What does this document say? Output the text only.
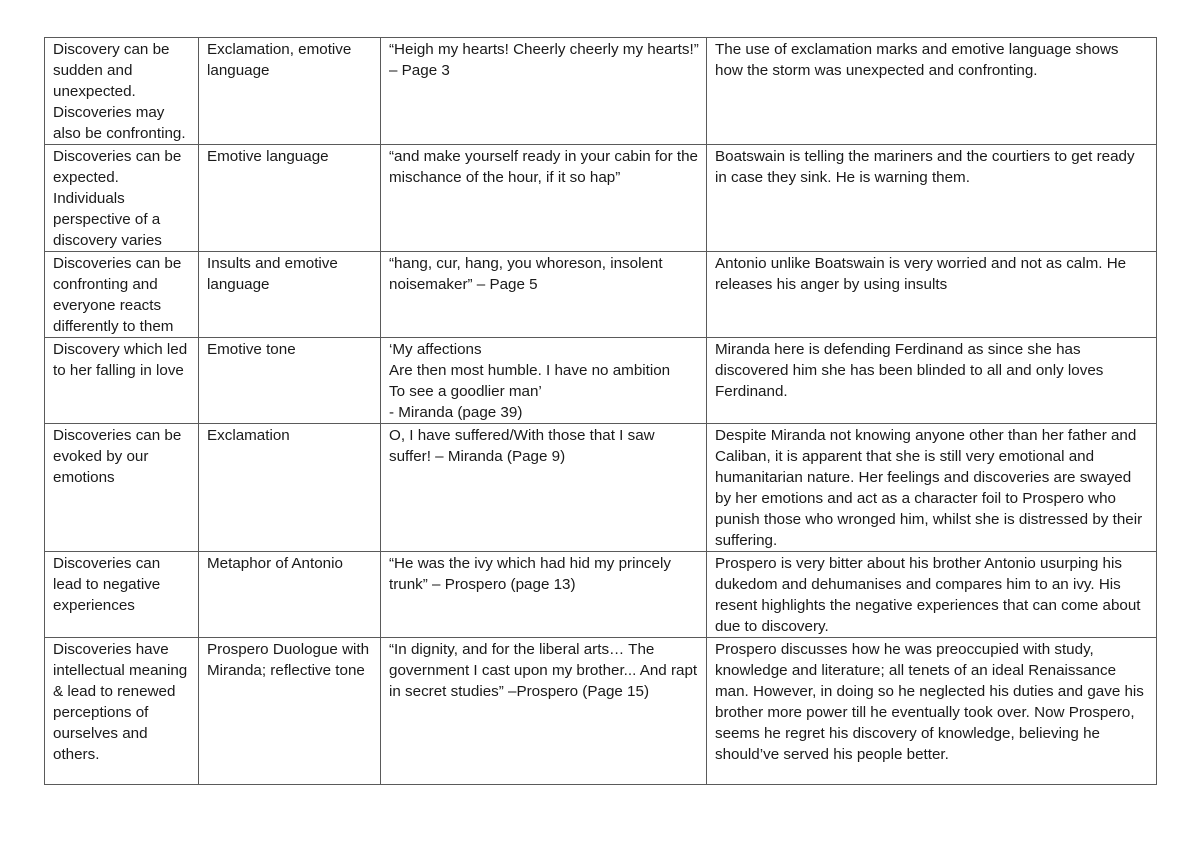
Discovery can be sudden and unexpected. Discoveries may also be confronting.	Exclamation, emotive language	“Heigh my hearts! Cheerly cheerly my hearts!” – Page 3	The use of exclamation marks and emotive language shows how the storm was unexpected and confronting.
Discoveries can be expected. Individuals perspective of a discovery varies	Emotive language	“and make yourself ready in your cabin for the mischance of the hour, if it so hap”	Boatswain is telling the mariners and the courtiers to get ready in case they sink. He is warning them.
Discoveries can be confronting and everyone reacts differently to them	Insults and emotive language	“hang, cur, hang, you whoreson, insolent noisemaker” – Page 5	Antonio unlike Boatswain is very worried and not as calm. He releases his anger by using insults
Discovery which led to her falling in love	Emotive tone	‘My affections
Are then most humble. I have no ambition
To see a goodlier man’
- Miranda (page 39)	Miranda here is defending Ferdinand as since she has discovered him she has been blinded to all and only loves Ferdinand.
Discoveries can be evoked by our emotions	Exclamation	O, I have suffered/With those that I saw suffer! – Miranda (Page 9)	Despite Miranda not knowing anyone other than her father and Caliban, it is apparent that she is still very emotional and humanitarian nature. Her feelings and discoveries are swayed by her emotions and act as a character foil to Prospero who punish those who wronged him, whilst she is distressed by their suffering.
Discoveries can lead to negative experiences	Metaphor of Antonio	“He was the ivy which had hid my princely trunk” – Prospero (page 13)	Prospero is very bitter about his brother Antonio usurping his dukedom and dehumanises and compares him to an ivy. His resent highlights the negative experiences that can come about due to discovery.
Discoveries have intellectual meaning & lead to renewed perceptions of ourselves and others.	Prospero Duologue with Miranda; reflective tone	“In dignity, and for the liberal arts… The government I cast upon my brother... And rapt in secret studies” –Prospero (Page 15)	Prospero discusses how he was preoccupied with study, knowledge and literature; all tenets of an ideal Renaissance man. However, in doing so he neglected his duties and gave his brother more power till he eventually took over. Now Prospero, seems he regret his discovery of knowledge, believing he should’ve served his people better.
